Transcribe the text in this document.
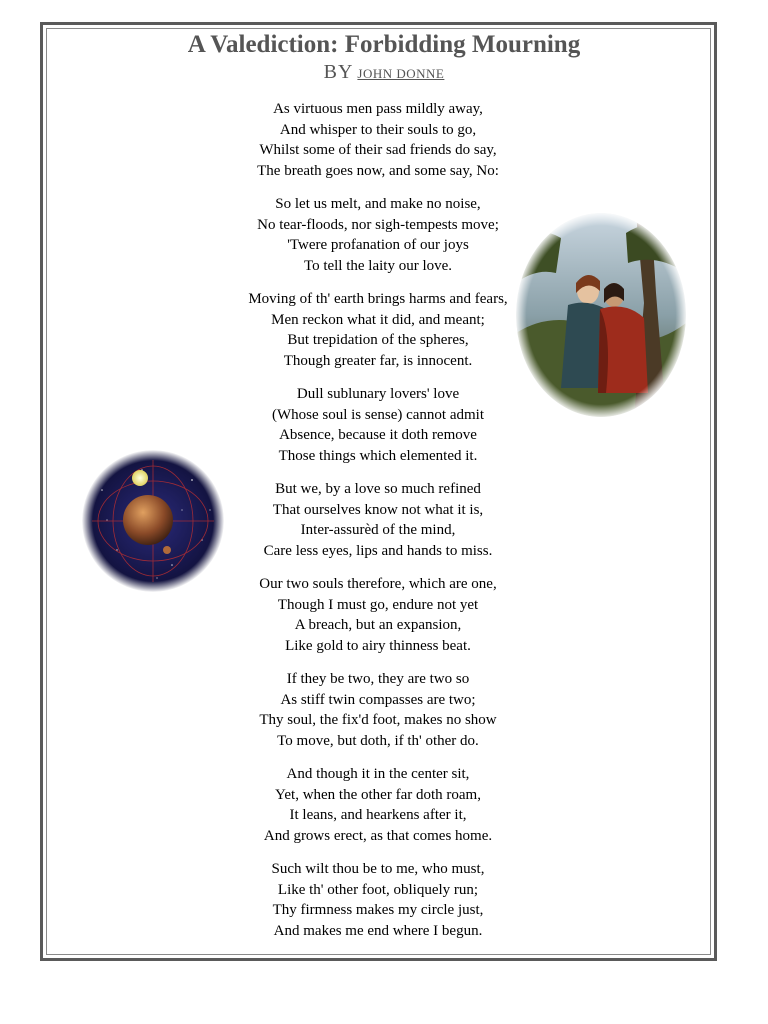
A Valediction: Forbidding Mourning
BY JOHN DONNE
As virtuous men pass mildly away,
And whisper to their souls to go,
Whilst some of their sad friends do say,
The breath goes now, and some say, No:
So let us melt, and make no noise,
No tear-floods, nor sigh-tempests move;
'Twere profanation of our joys
To tell the laity our love.
Moving of th' earth brings harms and fears,
Men reckon what it did, and meant;
But trepidation of the spheres,
Though greater far, is innocent.
Dull sublunary lovers' love
(Whose soul is sense) cannot admit
Absence, because it doth remove
Those things which elemented it.
But we, by a love so much refined
That ourselves know not what it is,
Inter-assurèd of the mind,
Care less eyes, lips and hands to miss.
Our two souls therefore, which are one,
Though I must go, endure not yet
A breach, but an expansion,
Like gold to airy thinness beat.
If they be two, they are two so
As stiff twin compasses are two;
Thy soul, the fix'd foot, makes no show
To move, but doth, if th' other do.
And though it in the center sit,
Yet, when the other far doth roam,
It leans, and hearkens after it,
And grows erect, as that comes home.
Such wilt thou be to me, who must,
Like th' other foot, obliquely run;
Thy firmness makes my circle just,
And makes me end where I begun.
